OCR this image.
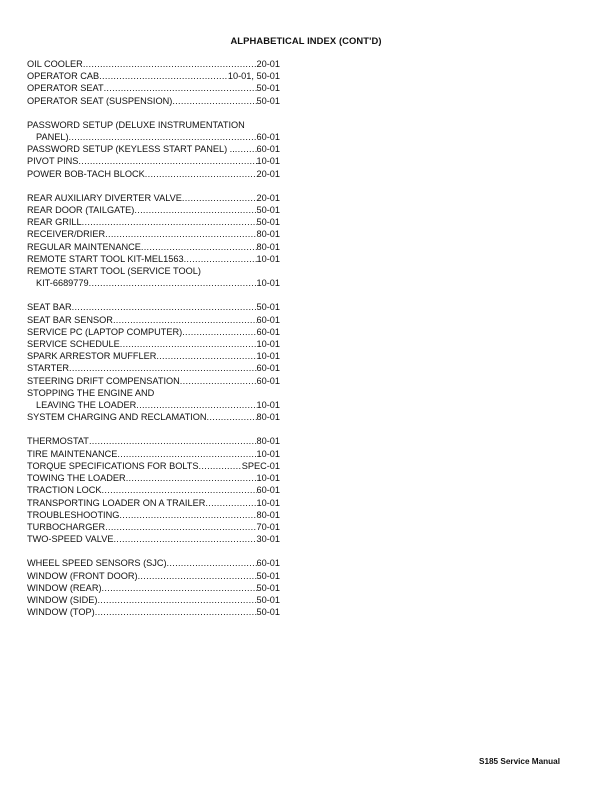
ALPHABETICAL INDEX (CONT'D)
OIL COOLER .....	20-01
OPERATOR CAB .....	10-01, 50-01
OPERATOR SEAT .....	50-01
OPERATOR SEAT (SUSPENSION) .....	50-01
PASSWORD SETUP (DELUXE INSTRUMENTATION
PANEL) .....	60-01
PASSWORD SETUP (KEYLESS START PANEL) .. ..... 60-01
PIVOT PINS .....	10-01
POWER BOB-TACH BLOCK .....	20-01
REAR AUXILIARY DIVERTER VALVE .....	20-01
REAR DOOR (TAILGATE) .....	50-01
REAR GRILL .....	50-01
RECEIVER/DRIER .....	80-01
REGULAR MAINTENANCE .....	80-01
REMOTE START TOOL KIT-MEL1563 .....	10-01
REMOTE START TOOL (SERVICE TOOL)
KIT-6689779 .....	10-01
SEAT BAR .....	50-01
SEAT BAR SENSOR .....	60-01
SERVICE PC (LAPTOP COMPUTER) .....	60-01
SERVICE SCHEDULE .....	10-01
SPARK ARRESTOR MUFFLER .....	10-01
STARTER .....	60-01
STEERING DRIFT COMPENSATION .....	60-01
STOPPING THE ENGINE AND
LEAVING THE LOADER .....	10-01
SYSTEM CHARGING AND RECLAMATION .....	80-01
THERMOSTAT .....	80-01
TIRE MAINTENANCE .....	10-01
TORQUE SPECIFICATIONS FOR BOLTS .....	SPEC-01
TOWING THE LOADER .....	10-01
TRACTION LOCK .....	60-01
TRANSPORTING LOADER ON A TRAILER .....	10-01
TROUBLESHOOTING .....	80-01
TURBOCHARGER .....	70-01
TWO-SPEED VALVE .....	30-01
WHEEL SPEED SENSORS (SJC) .....	60-01
WINDOW (FRONT DOOR) .....	50-01
WINDOW (REAR) .....	50-01
WINDOW (SIDE) .....	50-01
WINDOW (TOP) .....	50-01
S185 Service Manual
